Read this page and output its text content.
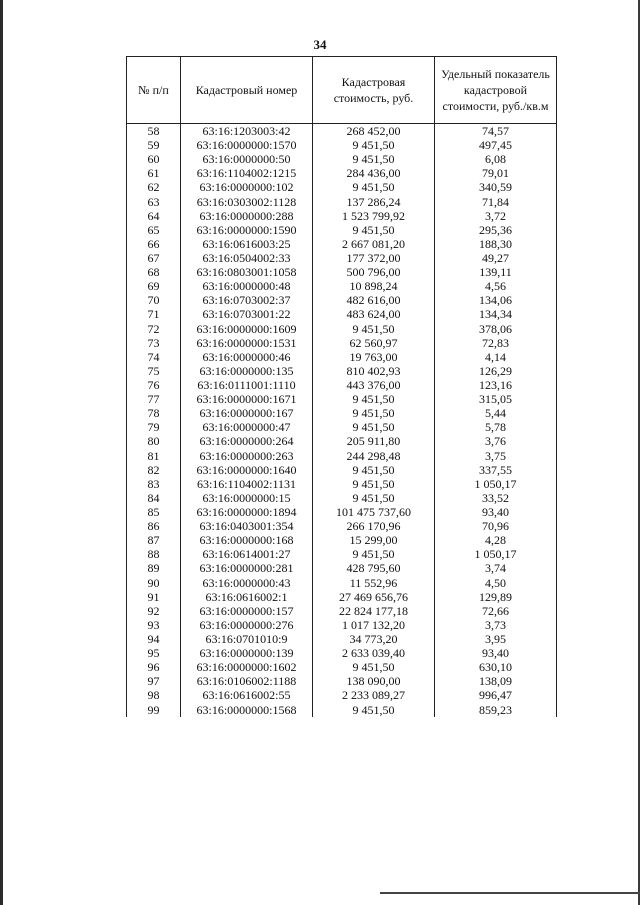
34
№ п/п	Кадастровый номер	Кадастровая стоимость, руб.	Удельный показатель кадастровой стоимости, руб./кв.м
58	63:16:1203003:42	268 452,00	74,57
59	63:16:0000000:1570	9 451,50	497,45
60	63:16:0000000:50	9 451,50	6,08
61	63:16:1104002:1215	284 436,00	79,01
62	63:16:0000000:102	9 451,50	340,59
63	63:16:0303002:1128	137 286,24	71,84
64	63:16:0000000:288	1 523 799,92	3,72
65	63:16:0000000:1590	9 451,50	295,36
66	63:16:0616003:25	2 667 081,20	188,30
67	63:16:0504002:33	177 372,00	49,27
68	63:16:0803001:1058	500 796,00	139,11
69	63:16:0000000:48	10 898,24	4,56
70	63:16:0703002:37	482 616,00	134,06
71	63:16:0703001:22	483 624,00	134,34
72	63:16:0000000:1609	9 451,50	378,06
73	63:16:0000000:1531	62 560,97	72,83
74	63:16:0000000:46	19 763,00	4,14
75	63:16:0000000:135	810 402,93	126,29
76	63:16:0111001:1110	443 376,00	123,16
77	63:16:0000000:1671	9 451,50	315,05
78	63:16:0000000:167	9 451,50	5,44
79	63:16:0000000:47	9 451,50	5,78
80	63:16:0000000:264	205 911,80	3,76
81	63:16:0000000:263	244 298,48	3,75
82	63:16:0000000:1640	9 451,50	337,55
83	63:16:1104002:1131	9 451,50	1 050,17
84	63:16:0000000:15	9 451,50	33,52
85	63:16:0000000:1894	101 475 737,60	93,40
86	63:16:0403001:354	266 170,96	70,96
87	63:16:0000000:168	15 299,00	4,28
88	63:16:0614001:27	9 451,50	1 050,17
89	63:16:0000000:281	428 795,60	3,74
90	63:16:0000000:43	11 552,96	4,50
91	63:16:0616002:1	27 469 656,76	129,89
92	63:16:0000000:157	22 824 177,18	72,66
93	63:16:0000000:276	1 017 132,20	3,73
94	63:16:0701010:9	34 773,20	3,95
95	63:16:0000000:139	2 633 039,40	93,40
96	63:16:0000000:1602	9 451,50	630,10
97	63:16:0106002:1188	138 090,00	138,09
98	63:16:0616002:55	2 233 089,27	996,47
99	63:16:0000000:1568	9 451,50	859,23
